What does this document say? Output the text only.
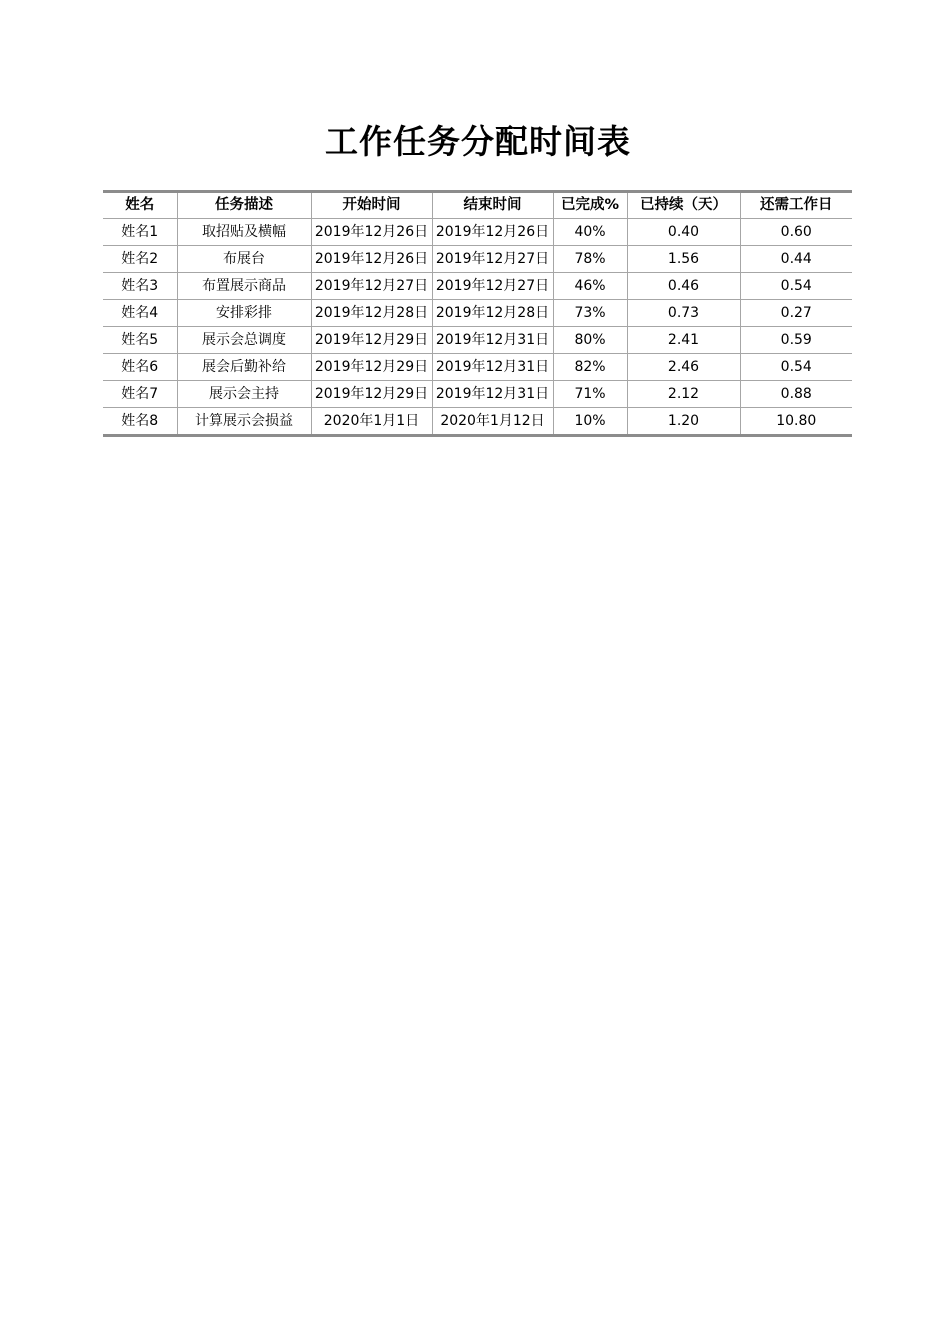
工作任务分配时间表
姓名	任务描述	开始时间	结束时间	已完成%	已持续（天）	还需工作日
姓名1	取招贴及横幅	2019年12月26日	2019年12月26日	40%	0.40	0.60
姓名2	布展台	2019年12月26日	2019年12月27日	78%	1.56	0.44
姓名3	布置展示商品	2019年12月27日	2019年12月27日	46%	0.46	0.54
姓名4	安排彩排	2019年12月28日	2019年12月28日	73%	0.73	0.27
姓名5	展示会总调度	2019年12月29日	2019年12月31日	80%	2.41	0.59
姓名6	展会后勤补给	2019年12月29日	2019年12月31日	82%	2.46	0.54
姓名7	展示会主持	2019年12月29日	2019年12月31日	71%	2.12	0.88
姓名8	计算展示会损益	2020年1月1日	2020年1月12日	10%	1.20	10.80
